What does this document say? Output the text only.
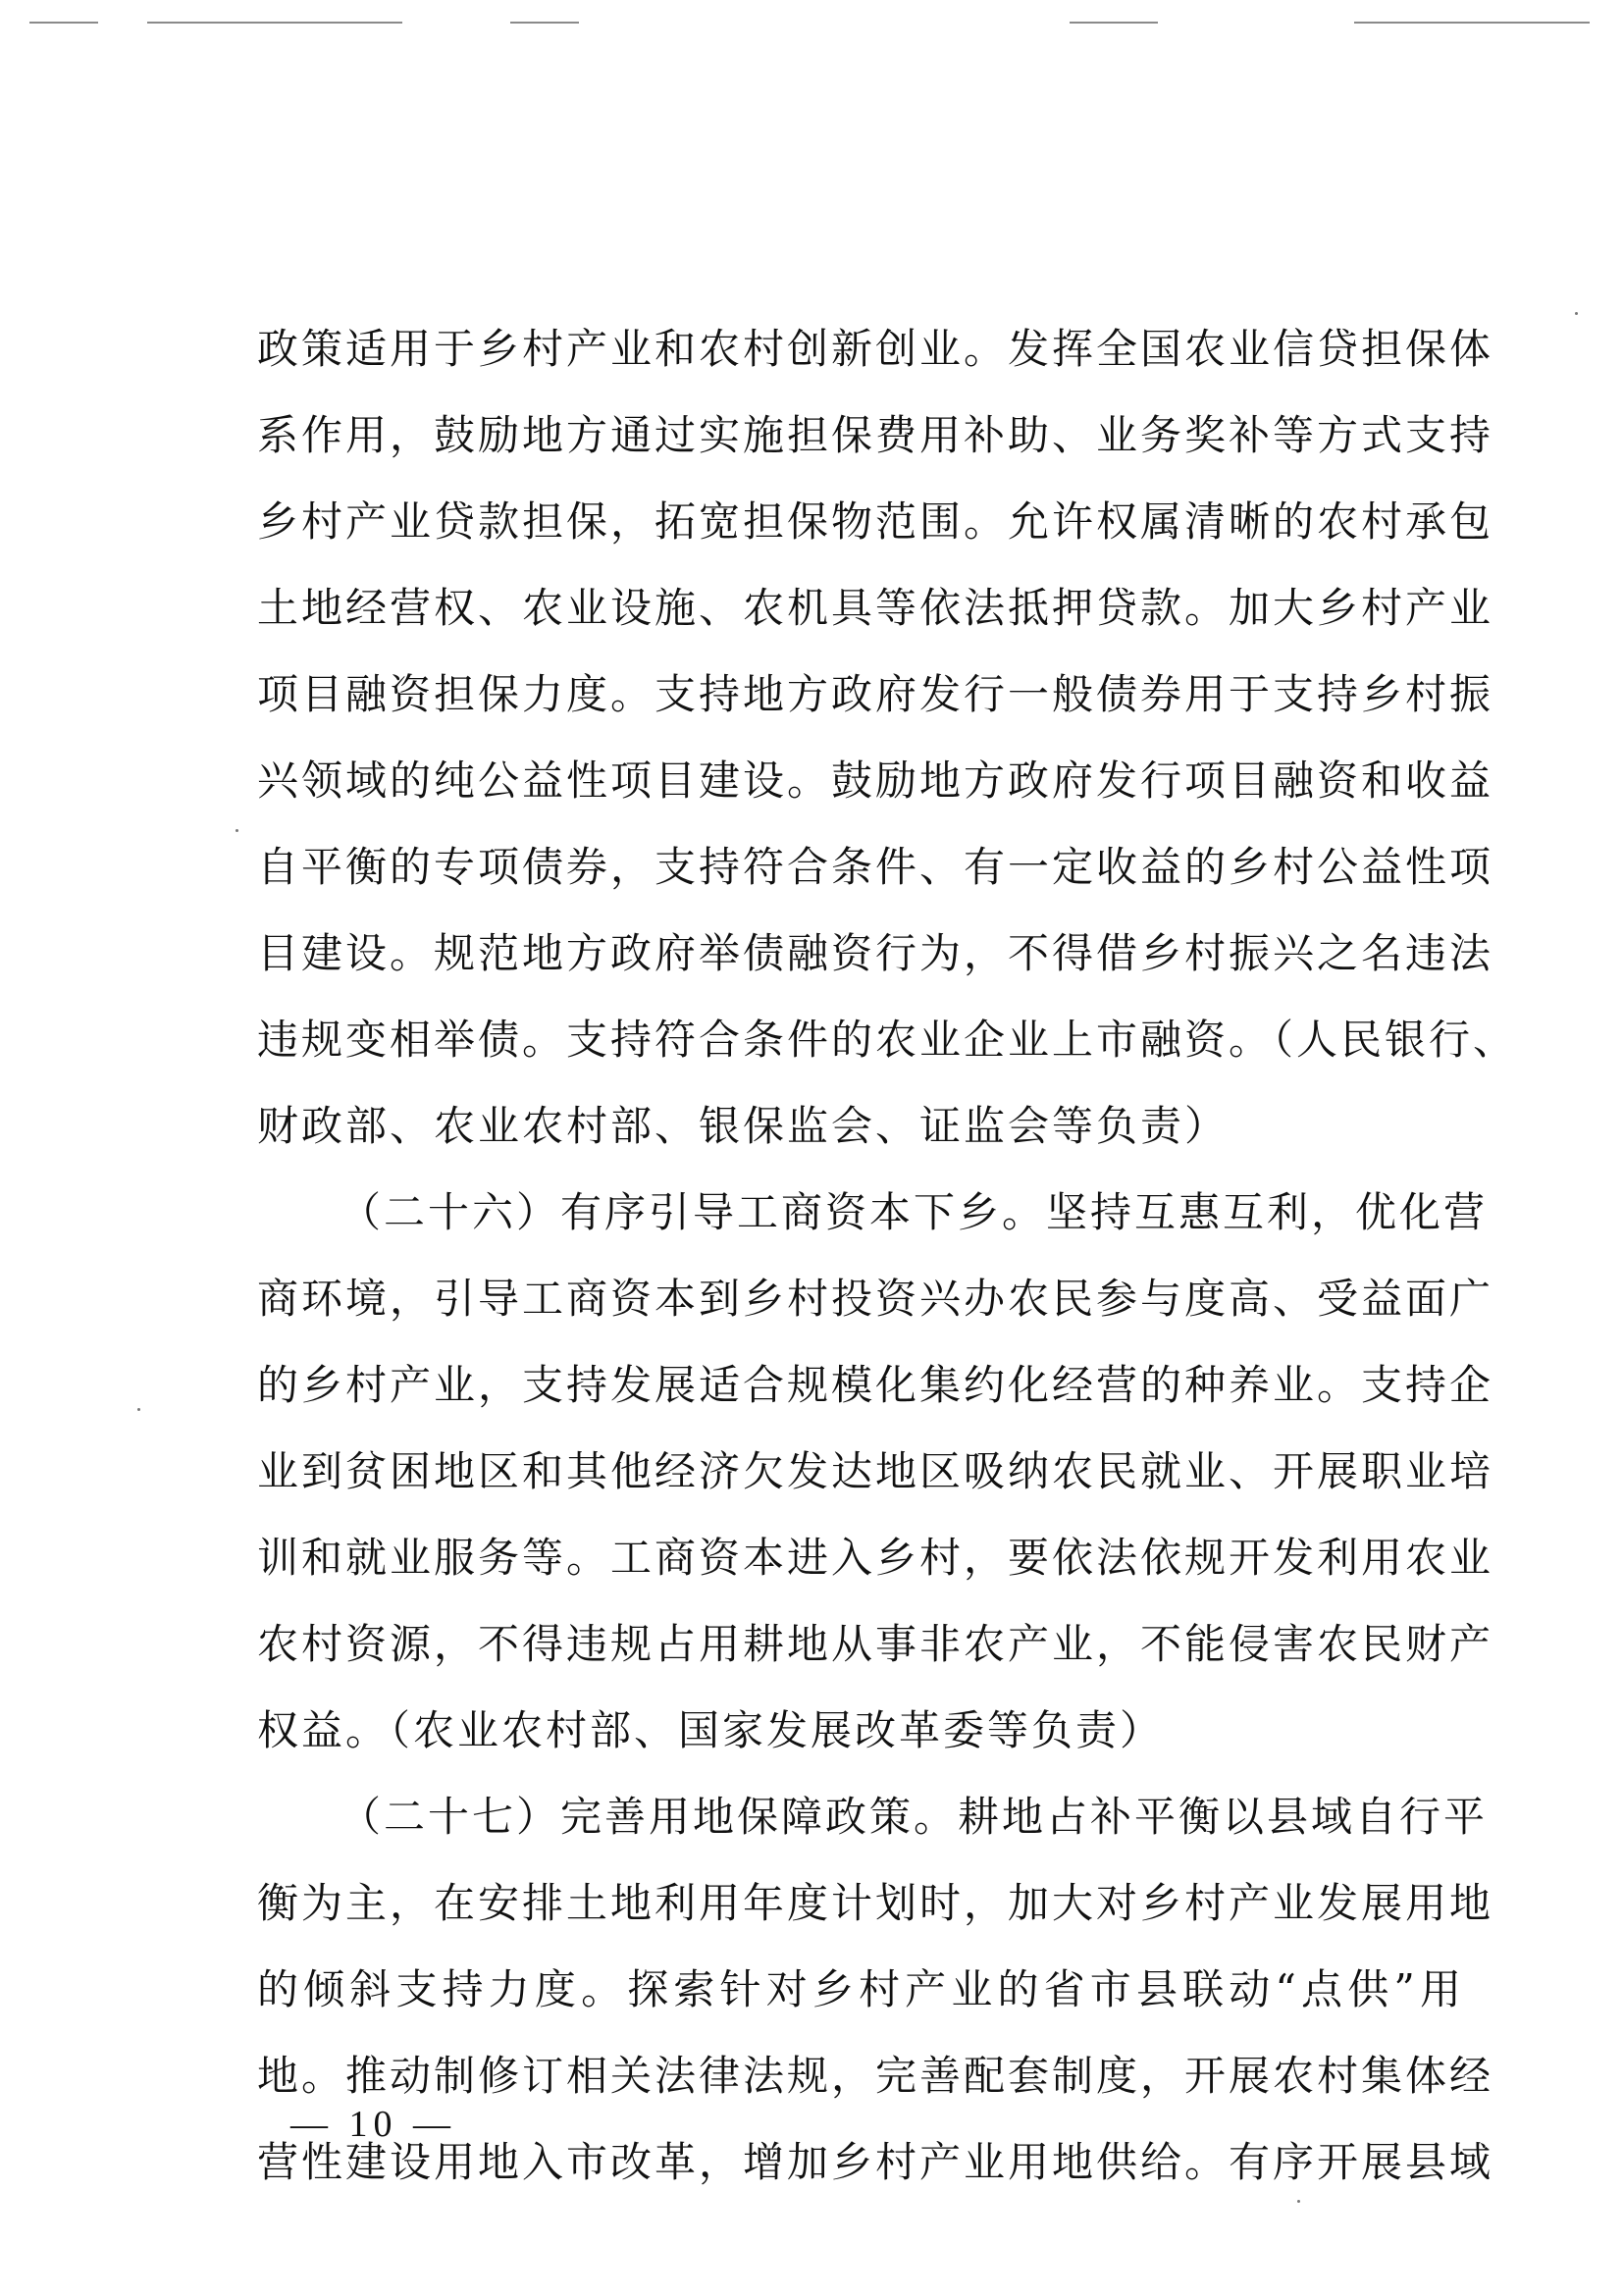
政策适用于乡村产业和农村创新创业。发挥全国农业信贷担保体
系作用，鼓励地方通过实施担保费用补助、业务奖补等方式支持
乡村产业贷款担保，拓宽担保物范围。允许权属清晰的农村承包
土地经营权、农业设施、农机具等依法抵押贷款。加大乡村产业
项目融资担保力度。支持地方政府发行一般债券用于支持乡村振
兴领域的纯公益性项目建设。鼓励地方政府发行项目融资和收益
自平衡的专项债券，支持符合条件、有一定收益的乡村公益性项
目建设。规范地方政府举债融资行为，不得借乡村振兴之名违法
违规变相举债。支持符合条件的农业企业上市融资。（人民银行、
财政部、农业农村部、银保监会、证监会等负责）
（二十六）有序引导工商资本下乡。坚持互惠互利，优化营
商环境，引导工商资本到乡村投资兴办农民参与度高、受益面广
的乡村产业，支持发展适合规模化集约化经营的种养业。支持企
业到贫困地区和其他经济欠发达地区吸纳农民就业、开展职业培
训和就业服务等。工商资本进入乡村，要依法依规开发利用农业
农村资源，不得违规占用耕地从事非农产业，不能侵害农民财产
权益。（农业农村部、国家发展改革委等负责）
（二十七）完善用地保障政策。耕地占补平衡以县域自行平
衡为主，在安排土地利用年度计划时，加大对乡村产业发展用地
的倾斜支持力度。探索针对乡村产业的省市县联动“点供”用
地。推动制修订相关法律法规，完善配套制度，开展农村集体经
营性建设用地入市改革，增加乡村产业用地供给。有序开展县域
— 10 —
